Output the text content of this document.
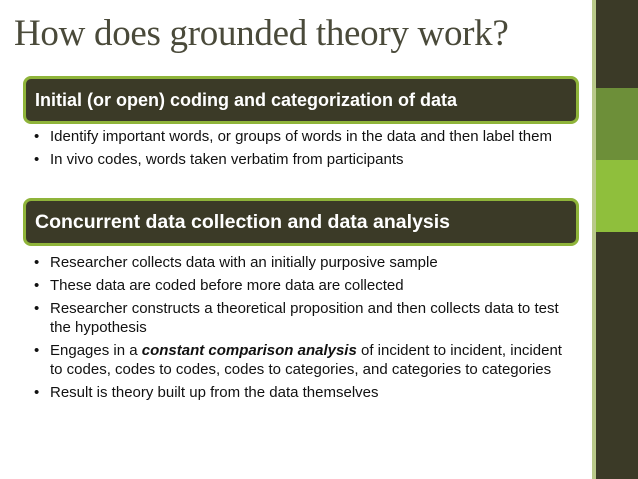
How does grounded theory work?
Initial (or open) coding and categorization of data
• Identify important words, or groups of words in the data and then label them
• In vivo codes, words taken verbatim from participants
Concurrent data collection and data analysis
• Researcher collects data with an initially purposive sample
• These data are coded before more data are collected
• Researcher constructs a theoretical proposition and then collects data to test the hypothesis
• Engages in a constant comparison analysis of incident to incident, incident to codes, codes to codes, codes to categories, and categories to categories
• Result is theory built up from the data themselves
